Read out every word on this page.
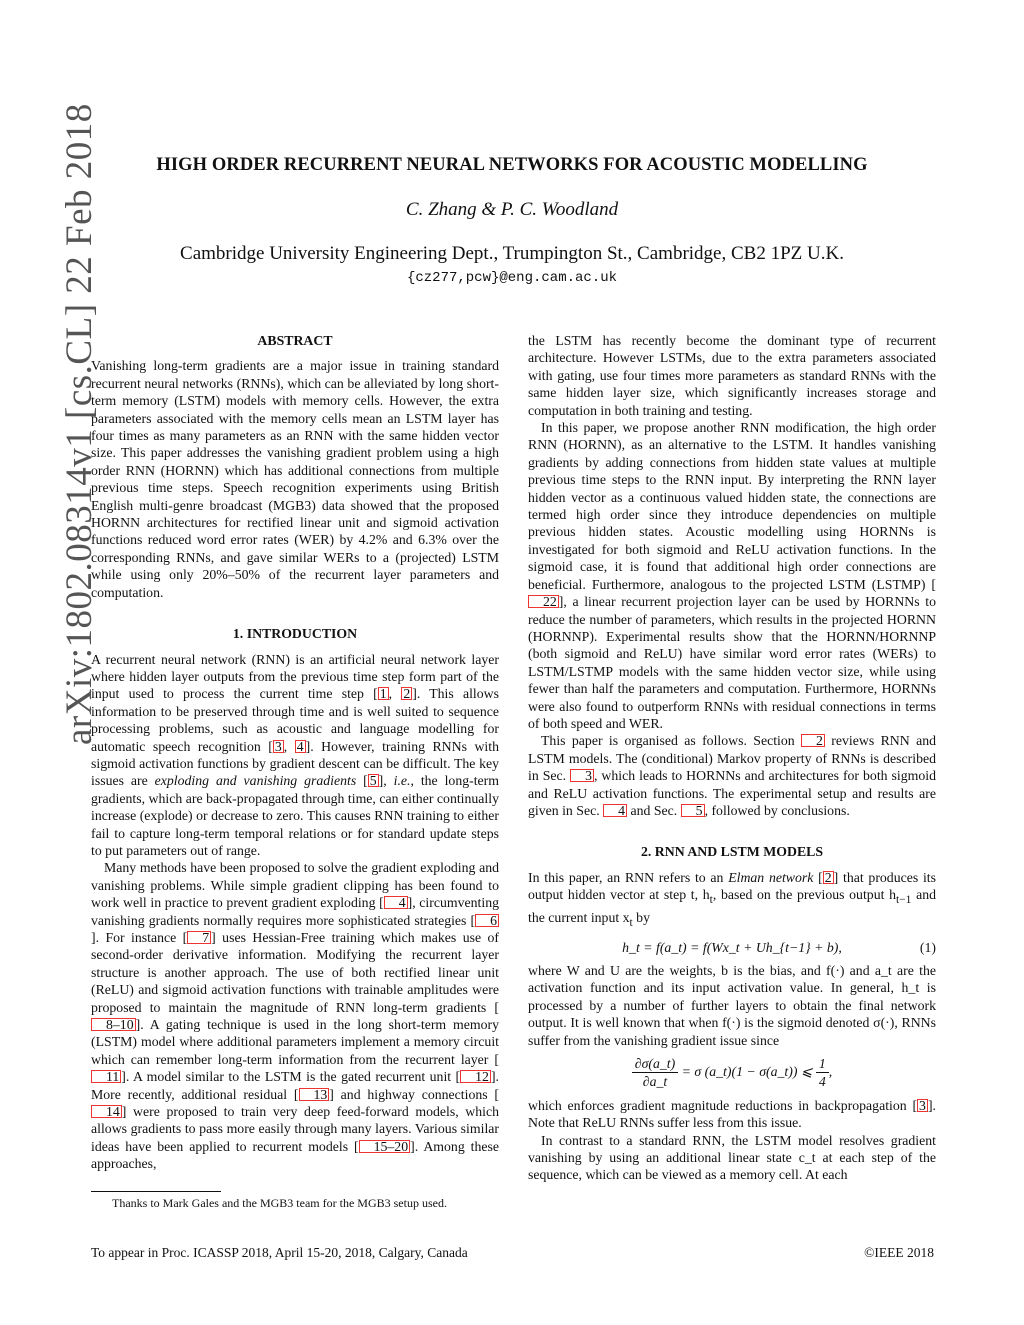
arXiv:1802.08314v1 [cs.CL] 22 Feb 2018	HIGH ORDER RECURRENT NEURAL NETWORKS FOR ACOUSTIC MODELLING
C. Zhang & P. C. Woodland
Cambridge University Engineering Dept., Trumpington St., Cambridge, CB2 1PZ U.K.
{cz277,pcw}@eng.cam.ac.uk
ABSTRACT

Vanishing long-term gradients are a major issue in training standard recurrent neural networks (RNNs), which can be alleviated by long short-term memory (LSTM) models with memory cells. However, the extra parameters associated with the memory cells mean an LSTM layer has four times as many parameters as an RNN with the same hidden vector size. This paper addresses the vanishing gradient problem using a high order RNN (HORNN) which has additional connections from multiple previous time steps. Speech recognition experiments using British English multi-genre broadcast (MGB3) data showed that the proposed HORNN architectures for rectified linear unit and sigmoid activation functions reduced word error rates (WER) by 4.2% and 6.3% over the corresponding RNNs, and gave similar WERs to a (projected) LSTM while using only 20%–50% of the recurrent layer parameters and computation.

1. INTRODUCTION

A recurrent neural network (RNN) is an artificial neural network layer where hidden layer outputs from the previous time step form part of the input used to process the current time step [ 1 , 2 ]. This allows information to be preserved through time and is well suited to sequence processing problems, such as acoustic and language modelling for automatic speech recognition [ 3 , 4 ]. However, training RNNs with sigmoid activation functions by gradient descent can be difficult. The key issues are exploding and vanishing gradients [ 5 ], i.e., the long-term gradients, which are back-propagated through time, can either continually increase (explode) or decrease to zero. This causes RNN training to either fail to capture long-term temporal relations or for standard update steps to put parameters out of range.

Many methods have been proposed to solve the gradient exploding and vanishing problems. While simple gradient clipping has been found to work well in practice to prevent gradient exploding [ 4 ], circumventing vanishing gradients normally requires more sophisticated strategies [ 6]. For instance [ 7 ] uses Hessian-Free training which makes use of second-order derivative information. Modifying the recurrent layer structure is another approach. The use of both rectified linear unit (ReLU) and sigmoid activation functions with trainable amplitudes were proposed to maintain the magnitude of RNN long-term gradients [8–10 ]. A gating technique is used in the long short-term memory (LSTM) model where additional parameters implement a memory circuit which can remember long-term information from the recurrent layer [11 ]. A model similar to the LSTM is the gated recurrent unit [ 12 ]. More recently, additional residual [ 13 ] and highway connections [14 ] were proposed to train very deep feed-forward models, which allows gradients to pass more easily through many layers. Various similar ideas have been applied to recurrent models [ 15–20 ]. Among these approaches,

Thanks to Mark Gales and the MGB3 team for the MGB3 setup used.

the LSTM has recently become the dominant type of recurrent architecture. However LSTMs, due to the extra parameters associated with gating, use four times more parameters as standard RNNs with the same hidden layer size, which significantly increases storage and computation in both training and testing.

In this paper, we propose another RNN modification, the high order RNN (HORNN), as an alternative to the LSTM. It handles vanishing gradients by adding connections from hidden state values at multiple previous time steps to the RNN input. By interpreting the RNN layer hidden vector as a continuous valued hidden state, the connections are termed high order since they introduce dependencies on multiple previous hidden states. Acoustic modelling using HORNNs is investigated for both sigmoid and ReLU activation functions. In the sigmoid case, it is found that additional high order connections are beneficial. Furthermore, analogous to the projected LSTM (LSTMP) [22 ], a linear recurrent projection layer can be used by HORNNs to reduce the number of parameters, which results in the projected HORNN (HORNNP). Experimental results show that the HORNN/HORNNP (both sigmoid and ReLU) have similar word error rates (WERs) to LSTM/LSTMP models with the same hidden vector size, while using fewer than half the parameters and computation. Furthermore, HORNNs were also found to outperform RNNs with residual connections in terms of both speed and WER.

This paper is organised as follows. Section 2 reviews RNN and LSTM models. The (conditional) Markov property of RNNs is described in Sec. 3 , which leads to HORNNs and architectures for both sigmoid and ReLU activation functions. The experimental setup and results are given in Sec. 4 and Sec. 5 , followed by conclusions.

2. RNN AND LSTM MODELS

In this paper, an RNN refers to an Elman network [ 2 ] that produces its output hidden vector at step t, $h_t$, based on the previous output $h_{t-1}$ and the current input $x_t$ by

h_t = f(a_t) = f(Wx_t + Uh_{t−1} + b),	(1)

where W and U are the weights, b is the bias, and f(·) and a_t are the activation function and its input activation value. In general, h_t is processed by a number of further layers to obtain the final network output. It is well known that when f(·) is the sigmoid denoted σ(·), RNNs suffer from the vanishing gradient issue since

$\frac{\partial\sigma(a\_t)}{\partial a\_t} = \sigma$ (a_t)(1 − σ(a_t)) ⩽ $\frac{1}{4}$ ,

which enforces gradient magnitude reductions in backpropagation [ 3 ]. Note that ReLU RNNs suffer less from this issue.

In contrast to a standard RNN, the LSTM model resolves gradient vanishing by using an additional linear state c_t at each step of the sequence, which can be viewed as a memory cell. At each

To appear in Proc. ICASSP 2018, April 15-20, 2018, Calgary, Canada	©IEEE 2018
